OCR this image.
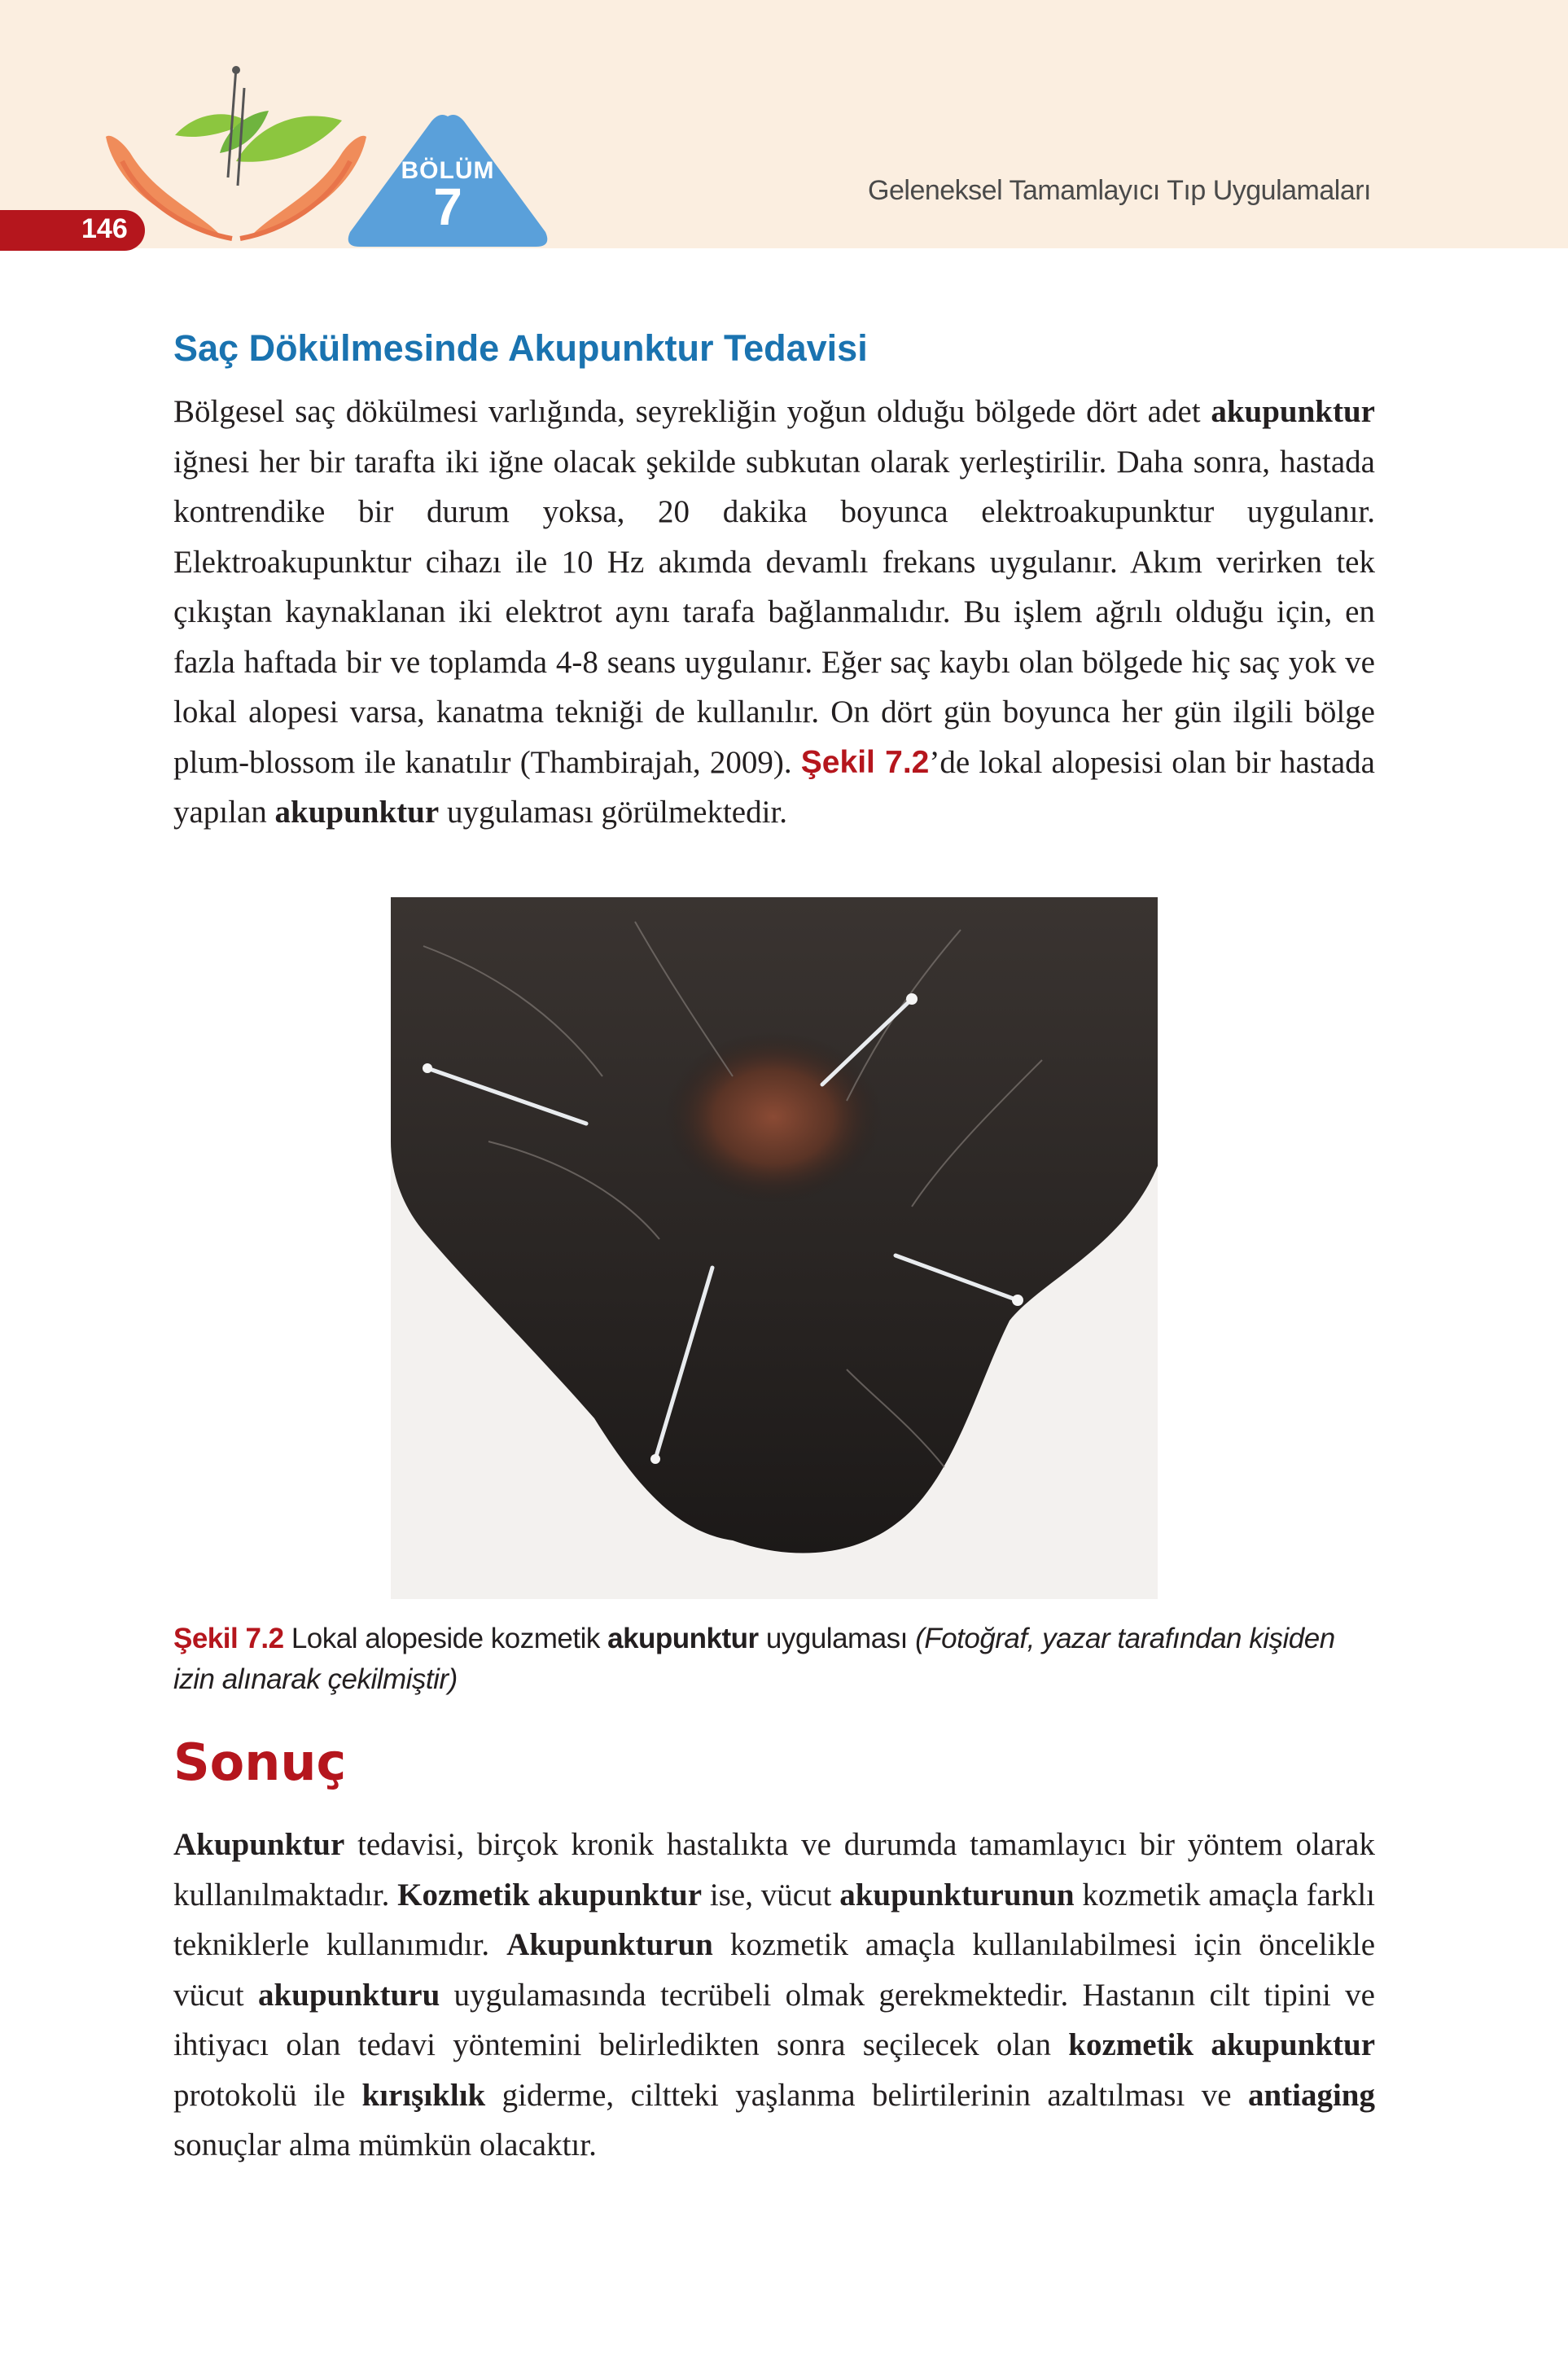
146
BÖLÜM
7	Geleneksel Tamamlayıcı Tıp Uygulamaları
Saç Dökülmesinde Akupunktur Tedavisi
Bölgesel saç dökülmesi varlığında, seyrekliğin yoğun olduğu bölgede dört adet akupunktur iğnesi her bir tarafta iki iğne olacak şekilde subkutan olarak yerleştirilir. Daha sonra, hastada kontrendike bir durum yoksa, 20 dakika boyunca elektroakupunktur uygulanır. Elektroakupunktur cihazı ile 10 Hz akımda devamlı frekans uygulanır. Akım verirken tek çıkıştan kaynaklanan iki elektrot aynı tarafa bağlanmalıdır. Bu işlem ağrılı olduğu için, en fazla haftada bir ve toplamda 4-8 seans uygulanır. Eğer saç kaybı olan bölgede hiç saç yok ve lokal alopesi varsa, kanatma tekniği de kullanılır. On dört gün boyunca her gün ilgili bölge plum-blossom ile kanatılır (Thambirajah, 2009). Şekil 7.2’de lokal alopesisi olan bir hastada yapılan akupunktur uygulaması görülmektedir.
Şekil 7.2 Lokal alopeside kozmetik akupunktur uygulaması (Fotoğraf, yazar tarafından kişiden izin alınarak çekilmiştir)
Sonuç
Akupunktur tedavisi, birçok kronik hastalıkta ve durumda tamamlayıcı bir yöntem olarak kullanılmaktadır. Kozmetik akupunktur ise, vücut akupunkturunun kozmetik amaçla farklı tekniklerle kullanımıdır. Akupunkturun kozmetik amaçla kullanılabilmesi için öncelikle vücut akupunkturu uygulamasında tecrübeli olmak gerekmektedir. Hastanın cilt tipini ve ihtiyacı olan tedavi yöntemini belirledikten sonra seçilecek olan kozmetik akupunktur protokolü ile kırışıklık giderme, ciltteki yaşlanma belirtilerinin azaltılması ve antiaging sonuçlar alma mümkün olacaktır.
